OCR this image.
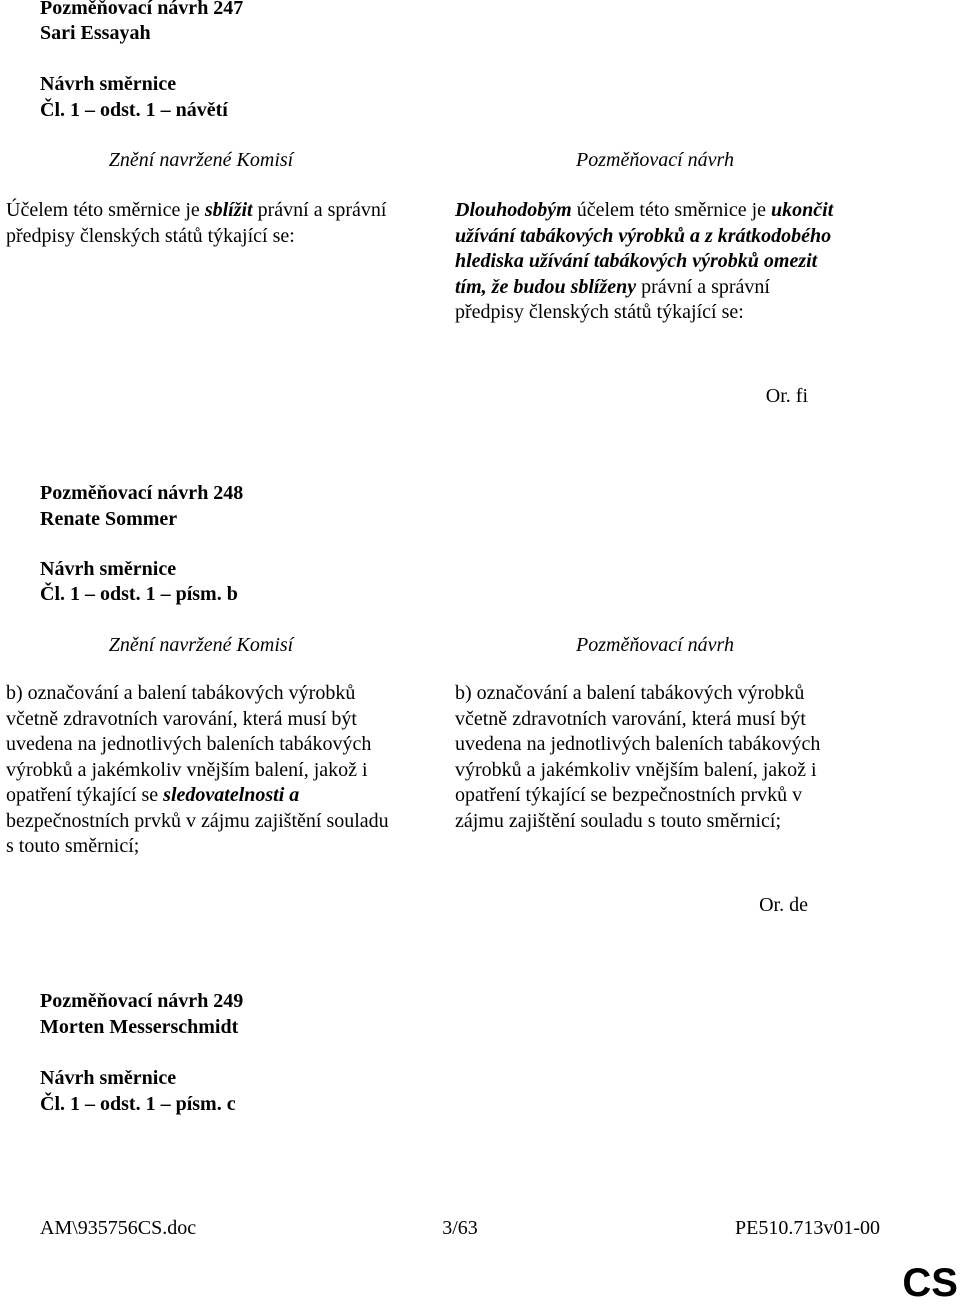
Pozměňovací návrh 247
Sari Essayah
Návrh směrnice
Čl. 1 – odst. 1 – návětí
Znění navržené Komisí	Pozměňovací návrh

Účelem této směrnice je sblížit právní a správní předpisy členských států týkající se:

Dlouhodobým účelem této směrnice je ukončit užívání tabákových výrobků a z krátkodobého hlediska užívání tabákových výrobků omezit tím, že budou sblíženy právní a správní předpisy členských států týkající se:

Or. fi
Pozměňovací návrh 248
Renate Sommer
Návrh směrnice
Čl. 1 – odst. 1 – písm. b
Znění navržené Komisí	Pozměňovací návrh

b) označování a balení tabákových výrobků včetně zdravotních varování, která musí být uvedena na jednotlivých baleních tabákových výrobků a jakémkoliv vnějším balení, jakož i opatření týkající se sledovatelnosti a bezpečnostních prvků v zájmu zajištění souladu s touto směrnicí;

b) označování a balení tabákových výrobků včetně zdravotních varování, která musí být uvedena na jednotlivých baleních tabákových výrobků a jakémkoliv vnějším balení, jakož i opatření týkající se bezpečnostních prvků v zájmu zajištění souladu s touto směrnicí;

Or. de
Pozměňovací návrh 249
Morten Messerschmidt
Návrh směrnice
Čl. 1 – odst. 1 – písm. c
AM\935756CS.doc	3/63	PE510.713v01-00
CS
